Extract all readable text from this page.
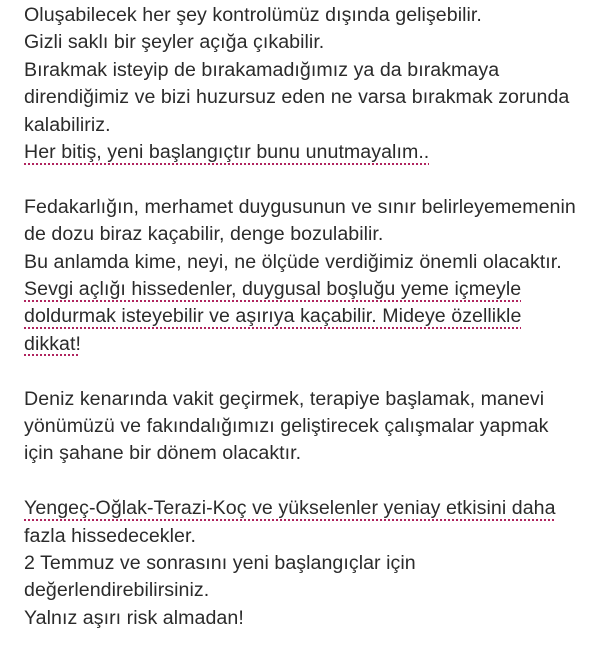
Oluşabilecek her şey kontrolümüz dışında gelişebilir.
Gizli saklı bir şeyler açığa çıkabilir.
Bırakmak isteyip de bırakamadığımız ya da bırakmaya
direndiğimiz ve bizi huzursuz eden ne varsa bırakmak zorunda
kalabiliriz.
Her bitiş, yeni başlangıçtır bunu unutmayalım..
Fedakarlığın, merhamet duygusunun ve sınır belirleyememenin
de dozu biraz kaçabilir, denge bozulabilir.
Bu anlamda kime, neyi, ne ölçüde verdiğimiz önemli olacaktır.
Sevgi açlığı hissedenler, duygusal boşluğu yeme içmeyle
doldurmak isteyebilir ve aşırıya kaçabilir. Mideye özellikle
dikkat!
Deniz kenarında vakit geçirmek, terapiye başlamak, manevi
yönümüzü ve fakındalığımızı geliştirecek çalışmalar yapmak
için şahane bir dönem olacaktır.
Yengeç-Oğlak-Terazi-Koç ve yükselenler yeniay etkisini daha
fazla hissedecekler.
2 Temmuz ve sonrasını yeni başlangıçlar için
değerlendirebilirsiniz.
Yalnız aşırı risk almadan!
